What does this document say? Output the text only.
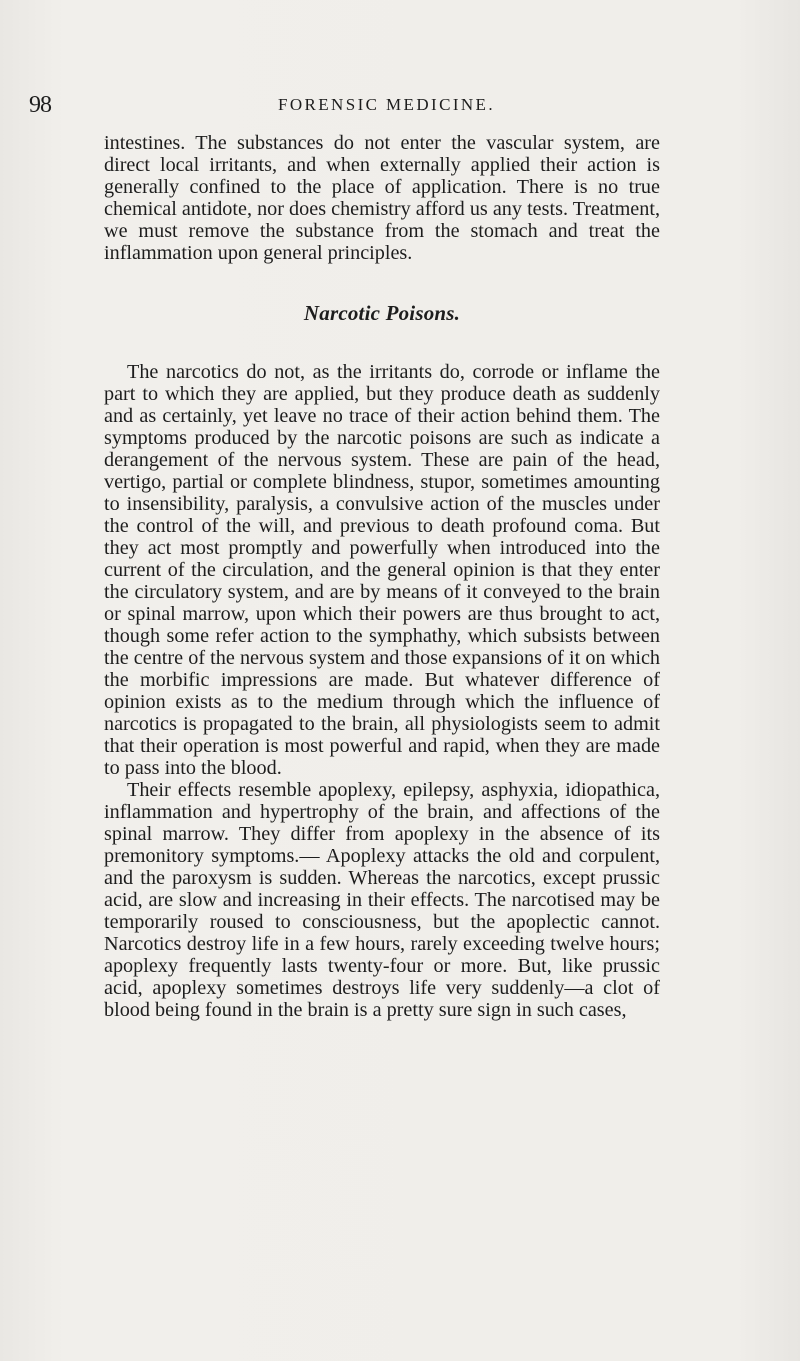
98	FORENSIC MEDICINE.

intestines. The substances do not enter the vascular system, are direct local irritants, and when externally applied their action is generally confined to the place of application. There is no true chemical antidote, nor does chemistry afford us any tests. Treatment, we must remove the substance from the stomach and treat the inflammation upon general principles.

Narcotic Poisons.

The narcotics do not, as the irritants do, corrode or inflame the part to which they are applied, but they produce death as suddenly and as certainly, yet leave no trace of their action behind them. The symptoms produced by the narcotic poisons are such as indicate a derangement of the nervous system. These are pain of the head, vertigo, partial or complete blindness, stupor, sometimes amounting to insensibility, paralysis, a convulsive action of the muscles under the control of the will, and previous to death profound coma. But they act most promptly and powerfully when introduced into the current of the circulation, and the general opinion is that they enter the circulatory system, and are by means of it conveyed to the brain or spinal marrow, upon which their powers are thus brought to act, though some refer action to the symphathy, which subsists between the centre of the nervous system and those expansions of it on which the morbific impressions are made. But whatever difference of opinion exists as to the medium through which the influence of narcotics is propagated to the brain, all physiologists seem to admit that their operation is most powerful and rapid, when they are made to pass into the blood.

Their effects resemble apoplexy, epilepsy, asphyxia, idiopathica, inflammation and hypertrophy of the brain, and affections of the spinal marrow. They differ from apoplexy in the absence of its premonitory symptoms.— Apoplexy attacks the old and corpulent, and the paroxysm is sudden. Whereas the narcotics, except prussic acid, are slow and increasing in their effects. The narcotised may be temporarily roused to consciousness, but the apoplectic cannot. Narcotics destroy life in a few hours, rarely exceeding twelve hours; apoplexy frequently lasts twenty-four or more. But, like prussic acid, apoplexy sometimes destroys life very suddenly—a clot of blood being found in the brain is a pretty sure sign in such cases,
